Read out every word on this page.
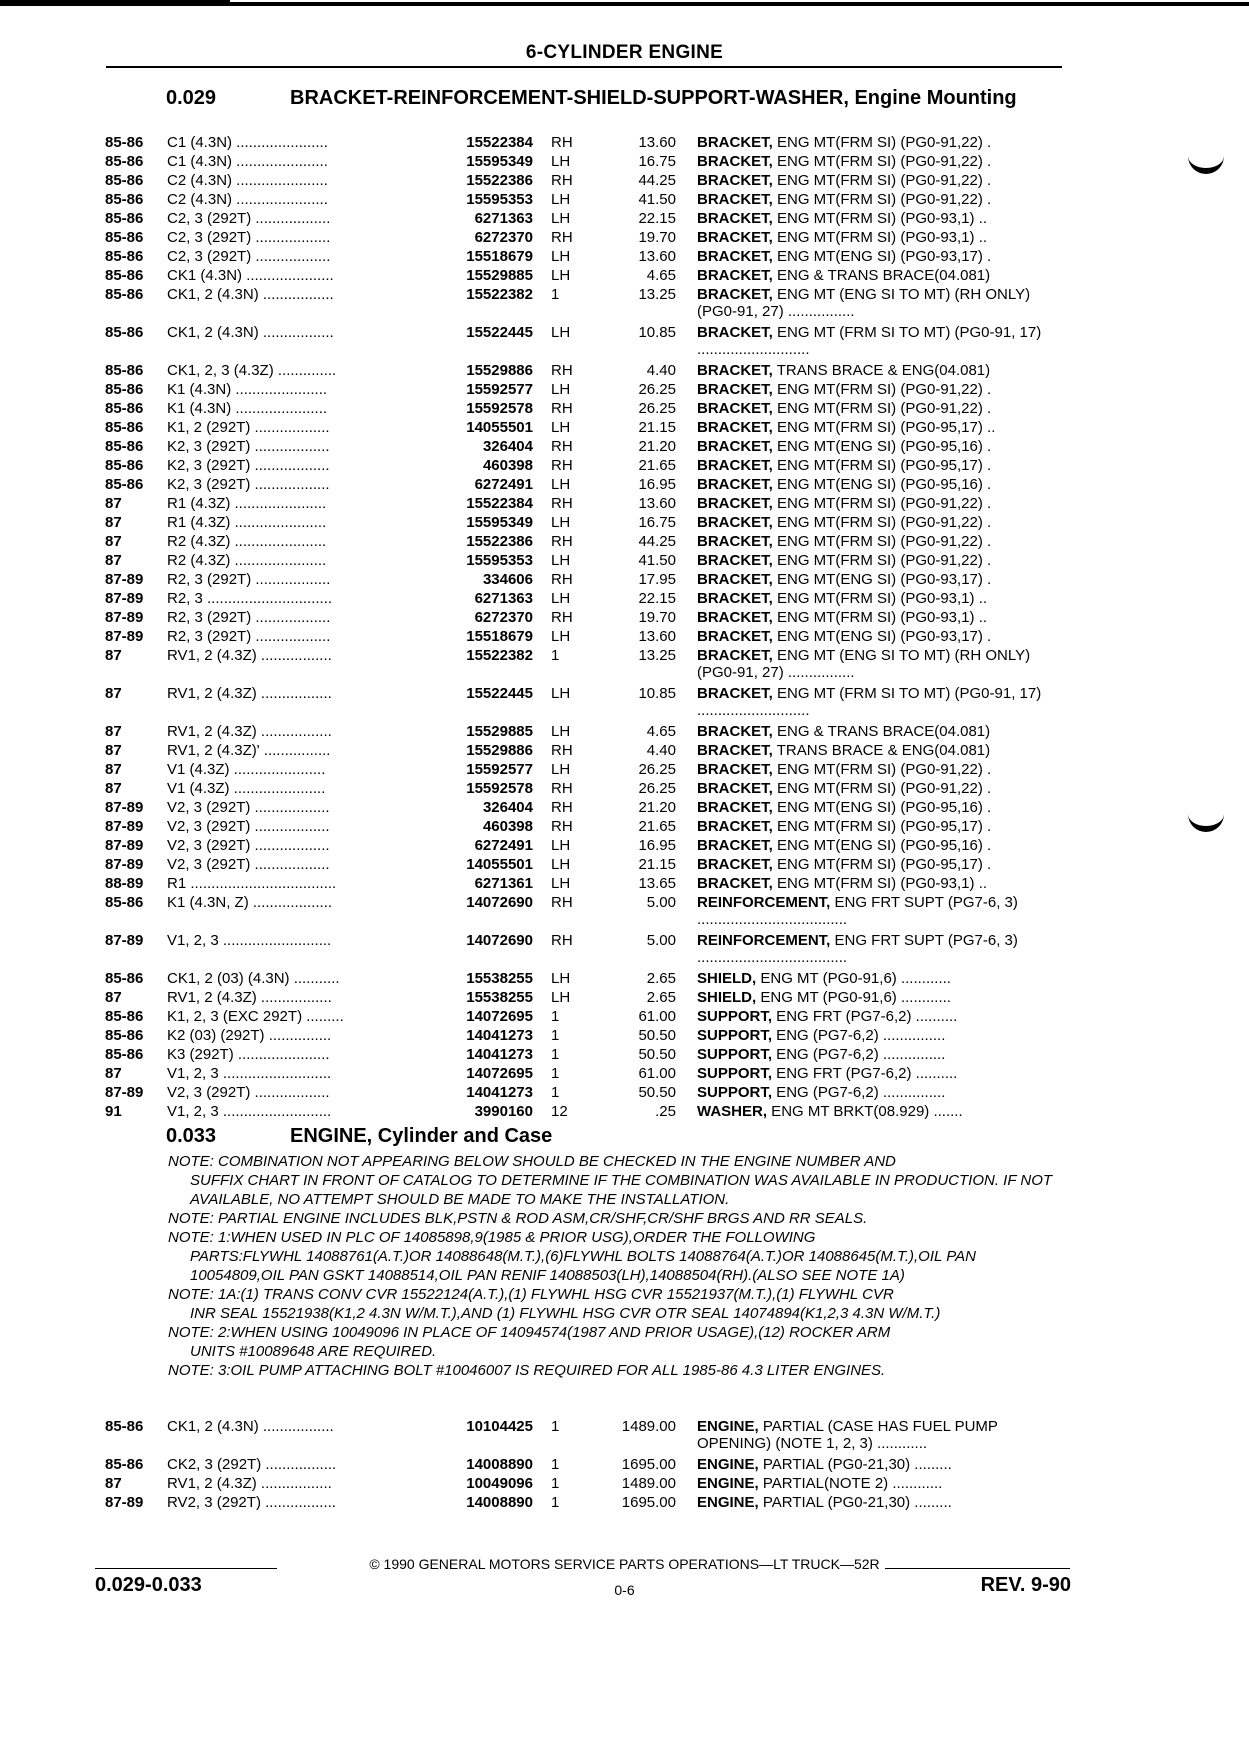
6-CYLINDER ENGINE
0.029	BRACKET-REINFORCEMENT-SHIELD-SUPPORT-WASHER, Engine Mounting
85-86 C1 (4.3N) ......................	15522384 RH	13.60 BRACKET, ENG MT(FRM SI) (PG0-91,22) .
85-86 C1 (4.3N) ......................	15595349 LH	16.75 BRACKET, ENG MT(FRM SI) (PG0-91,22) .
85-86 C2 (4.3N) ......................	15522386 RH	44.25 BRACKET, ENG MT(FRM SI) (PG0-91,22) .
85-86 C2 (4.3N) ......................	15595353 LH	41.50 BRACKET, ENG MT(FRM SI) (PG0-91,22) .
85-86 C2, 3 (292T) ..................	6271363 LH	22.15 BRACKET, ENG MT(FRM SI) (PG0-93,1) ..
85-86 C2, 3 (292T) ..................	6272370 RH	19.70 BRACKET, ENG MT(FRM SI) (PG0-93,1) ..
85-86 C2, 3 (292T) ..................	15518679 LH	13.60 BRACKET, ENG MT(ENG SI) (PG0-93,17) .
85-86 CK1 (4.3N) .....................	15529885 LH	4.65 BRACKET, ENG & TRANS BRACE(04.081)
85-86 CK1, 2 (4.3N) .................	15522382 1	13.25 BRACKET, ENG MT (ENG SI TO MT) (RH ONLY) (PG0-91, 27) ................
85-86 CK1, 2 (4.3N) .................	15522445 LH	10.85 BRACKET, ENG MT (FRM SI TO MT) (PG0-91, 17) ...........................
85-86 CK1, 2, 3 (4.3Z) ..............	15529886 RH	4.40 BRACKET, TRANS BRACE & ENG(04.081)
85-86 K1 (4.3N) ......................	15592577 LH	26.25 BRACKET, ENG MT(FRM SI) (PG0-91,22) .
85-86 K1 (4.3N) ......................	15592578 RH	26.25 BRACKET, ENG MT(FRM SI) (PG0-91,22) .
85-86 K1, 2 (292T) ..................	14055501 LH	21.15 BRACKET, ENG MT(FRM SI) (PG0-95,17) ..
85-86 K2, 3 (292T) ..................	326404 RH	21.20 BRACKET, ENG MT(ENG SI) (PG0-95,16) .
85-86 K2, 3 (292T) ..................	460398 RH	21.65 BRACKET, ENG MT(FRM SI) (PG0-95,17) .
85-86 K2, 3 (292T) ..................	6272491 LH	16.95 BRACKET, ENG MT(ENG SI) (PG0-95,16) .
87	R1 (4.3Z) ......................	15522384 RH	13.60 BRACKET, ENG MT(FRM SI) (PG0-91,22) .
87	R1 (4.3Z) ......................	15595349 LH	16.75 BRACKET, ENG MT(FRM SI) (PG0-91,22) .
87	R2 (4.3Z) ......................	15522386 RH	44.25 BRACKET, ENG MT(FRM SI) (PG0-91,22) .
87	R2 (4.3Z) ......................	15595353 LH	41.50 BRACKET, ENG MT(FRM SI) (PG0-91,22) .
87-89 R2, 3 (292T) ..................	334606 RH	17.95 BRACKET, ENG MT(ENG SI) (PG0-93,17) .
87-89 R2, 3 ..............................	6271363 LH	22.15 BRACKET, ENG MT(FRM SI) (PG0-93,1) ..
87-89 R2, 3 (292T) ..................	6272370 RH	19.70 BRACKET, ENG MT(FRM SI) (PG0-93,1) ..
87-89 R2, 3 (292T) ..................	15518679 LH	13.60 BRACKET, ENG MT(ENG SI) (PG0-93,17) .
87	RV1, 2 (4.3Z) .................	15522382 1	13.25 BRACKET, ENG MT (ENG SI TO MT) (RH ONLY) (PG0-91, 27) ................
87	RV1, 2 (4.3Z) .................	15522445 LH	10.85 BRACKET, ENG MT (FRM SI TO MT) (PG0-91, 17) ...........................
87	RV1, 2 (4.3Z) .................	15529885 LH	4.65 BRACKET, ENG & TRANS BRACE(04.081)
87	RV1, 2 (4.3Z)' ................	15529886 RH	4.40 BRACKET, TRANS BRACE & ENG(04.081)
87	V1 (4.3Z) ......................	15592577 LH	26.25 BRACKET, ENG MT(FRM SI) (PG0-91,22) .
87	V1 (4.3Z) ......................	15592578 RH	26.25 BRACKET, ENG MT(FRM SI) (PG0-91,22) .
87-89 V2, 3 (292T) ..................	326404 RH	21.20 BRACKET, ENG MT(ENG SI) (PG0-95,16) .
87-89 V2, 3 (292T) ..................	460398 RH	21.65 BRACKET, ENG MT(FRM SI) (PG0-95,17) .
87-89 V2, 3 (292T) ..................	6272491 LH	16.95 BRACKET, ENG MT(ENG SI) (PG0-95,16) .
87-89 V2, 3 (292T) ..................	14055501 LH	21.15 BRACKET, ENG MT(FRM SI) (PG0-95,17) .
88-89 R1 ...................................	6271361 LH	13.65 BRACKET, ENG MT(FRM SI) (PG0-93,1) ..
85-86 K1 (4.3N, Z) ...................	14072690 RH	5.00 REINFORCEMENT, ENG FRT SUPT (PG7-6, 3) ....................................
87-89 V1, 2, 3 ..........................	14072690 RH	5.00 REINFORCEMENT, ENG FRT SUPT (PG7-6, 3) ....................................
85-86 CK1, 2 (03) (4.3N) ...........	15538255 LH	2.65 SHIELD, ENG MT (PG0-91,6) ............
87	RV1, 2 (4.3Z) .................	15538255 LH	2.65 SHIELD, ENG MT (PG0-91,6) ............
85-86 K1, 2, 3 (EXC 292T) .........	14072695 1	61.00 SUPPORT, ENG FRT (PG7-6,2) ..........
85-86 K2 (03) (292T) ...............	14041273 1	50.50 SUPPORT, ENG (PG7-6,2) ...............
85-86 K3 (292T) ......................	14041273 1	50.50 SUPPORT, ENG (PG7-6,2) ...............
87	V1, 2, 3 ..........................	14072695 1	61.00 SUPPORT, ENG FRT (PG7-6,2) ..........
87-89 V2, 3 (292T) ..................	14041273 1	50.50 SUPPORT, ENG (PG7-6,2) ...............
91	V1, 2, 3 ..........................	3990160 12	.25 WASHER, ENG MT BRKT(08.929) .......
0.033	ENGINE, Cylinder and Case

NOTE: COMBINATION NOT APPEARING BELOW SHOULD BE CHECKED IN THE ENGINE NUMBER AND
SUFFIX CHART IN FRONT OF CATALOG TO DETERMINE IF THE COMBINATION WAS AVAILABLE IN PRODUCTION. IF NOT AVAILABLE, NO ATTEMPT SHOULD BE MADE TO MAKE THE INSTALLATION.

NOTE: PARTIAL ENGINE INCLUDES BLK,PSTN & ROD ASM,CR/SHF,CR/SHF BRGS AND RR SEALS.

NOTE: 1:WHEN USED IN PLC OF 14085898,9(1985 & PRIOR USG),ORDER THE FOLLOWING
PARTS:FLYWHL 14088761(A.T.)OR 14088648(M.T.),(6)FLYWHL BOLTS 14088764(A.T.)OR 14088645(M.T.),OIL PAN 10054809,OIL PAN GSKT 14088514,OIL PAN RENIF 14088503(LH),14088504(RH).(ALSO SEE NOTE 1A)

NOTE: 1A:(1) TRANS CONV CVR 15522124(A.T.),(1) FLYWHL HSG CVR 15521937(M.T.),(1) FLYWHL CVR
INR SEAL 15521938(K1,2 4.3N W/M.T.),AND (1) FLYWHL HSG CVR OTR SEAL 14074894(K1,2,3 4.3N W/M.T.)

NOTE: 2:WHEN USING 10049096 IN PLACE OF 14094574(1987 AND PRIOR USAGE),(12) ROCKER ARM
UNITS #10089648 ARE REQUIRED.

NOTE: 3:OIL PUMP ATTACHING BOLT #10046007 IS REQUIRED FOR ALL 1985-86 4.3 LITER ENGINES.

85-86 CK1, 2 (4.3N) .................	10104425 1	1489.00 ENGINE, PARTIAL (CASE HAS FUEL PUMP OPENING) (NOTE 1, 2, 3) ............
85-86 CK2, 3 (292T) .................	14008890 1	1695.00 ENGINE, PARTIAL (PG0-21,30) .........
87	RV1, 2 (4.3Z) .................	10049096 1	1489.00 ENGINE, PARTIAL(NOTE 2) ............
87-89 RV2, 3 (292T) .................	14008890 1	1695.00 ENGINE, PARTIAL (PG0-21,30) .........
© 1990 GENERAL MOTORS SERVICE PARTS OPERATIONS—LT TRUCK—52R
0.029-0.033	0-6	REV. 9-90
